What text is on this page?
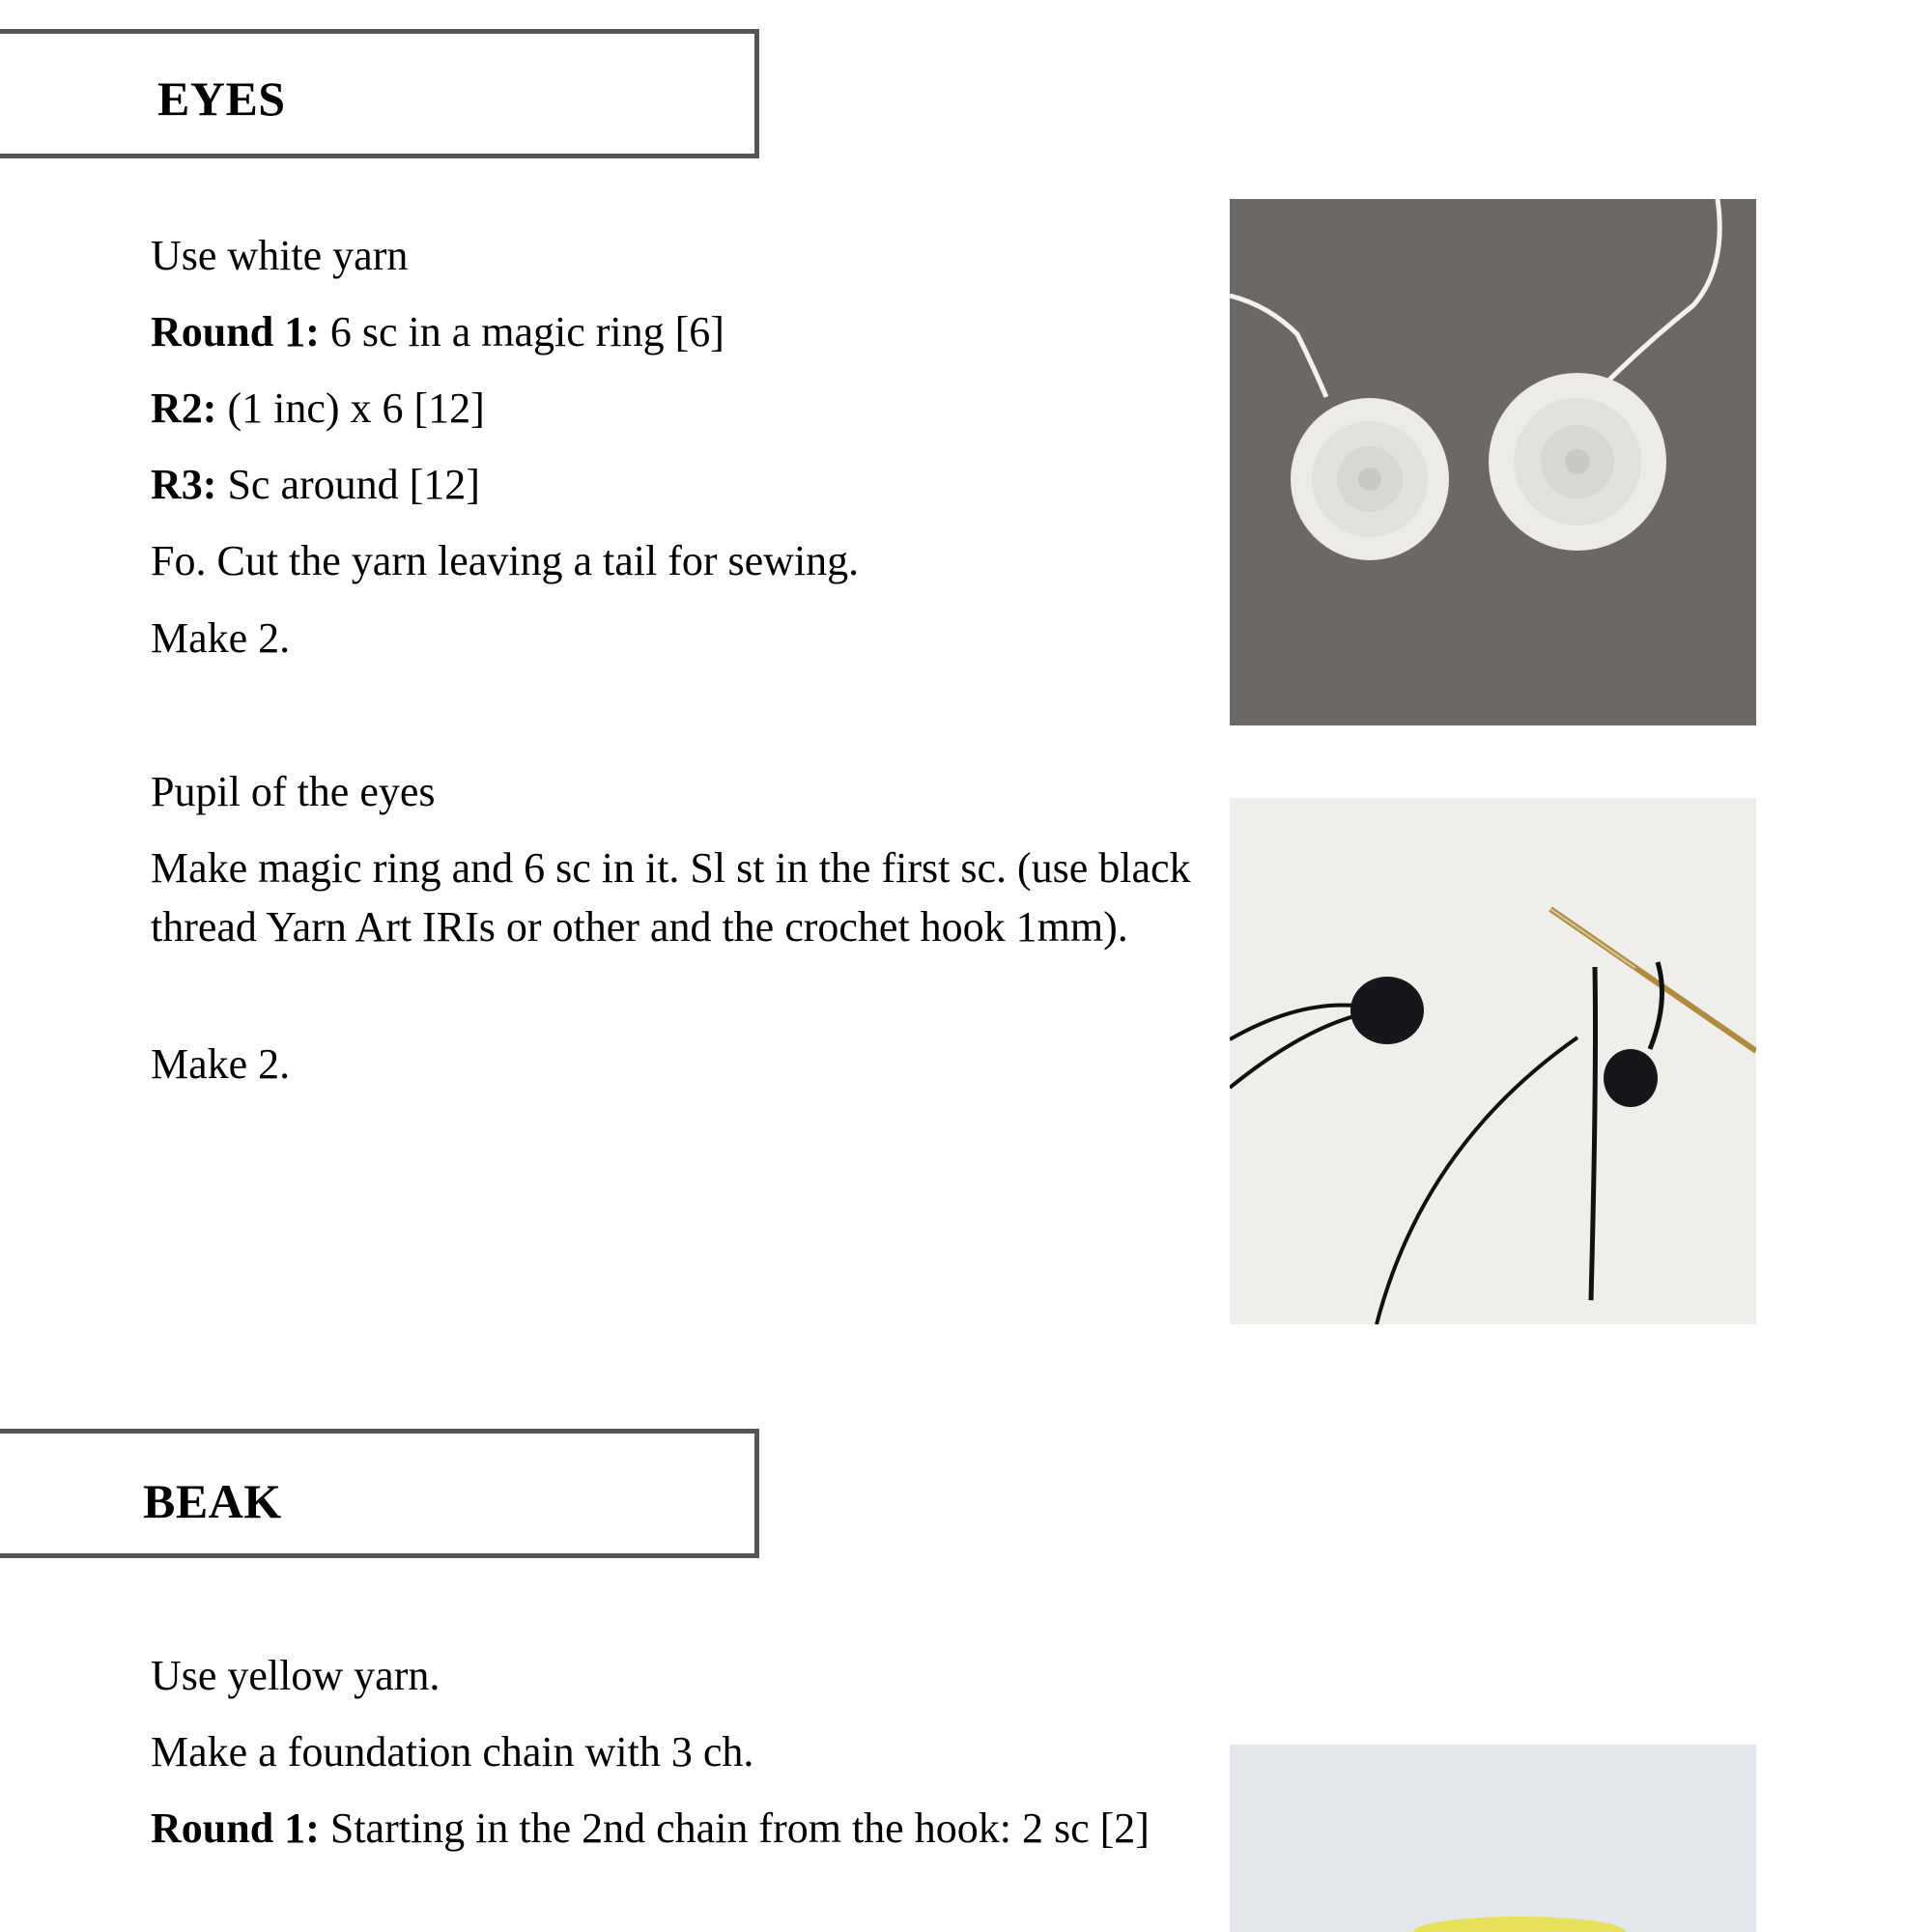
EYES
Use white yarn
Round 1: 6 sc in a magic ring [6]
R2: (1 inc) x 6 [12]
R3: Sc around [12]
Fo. Cut the yarn leaving a tail for sewing.
Make 2.
Pupil of the eyes
Make magic ring and 6 sc in it. Sl st in the first sc. (use black thread Yarn Art IRIs or other and the crochet hook 1mm).
Make 2.
BEAK
Use yellow yarn.
Make a foundation chain with 3 ch.
Round 1: Starting in the 2nd chain from the hook: 2 sc [2]
